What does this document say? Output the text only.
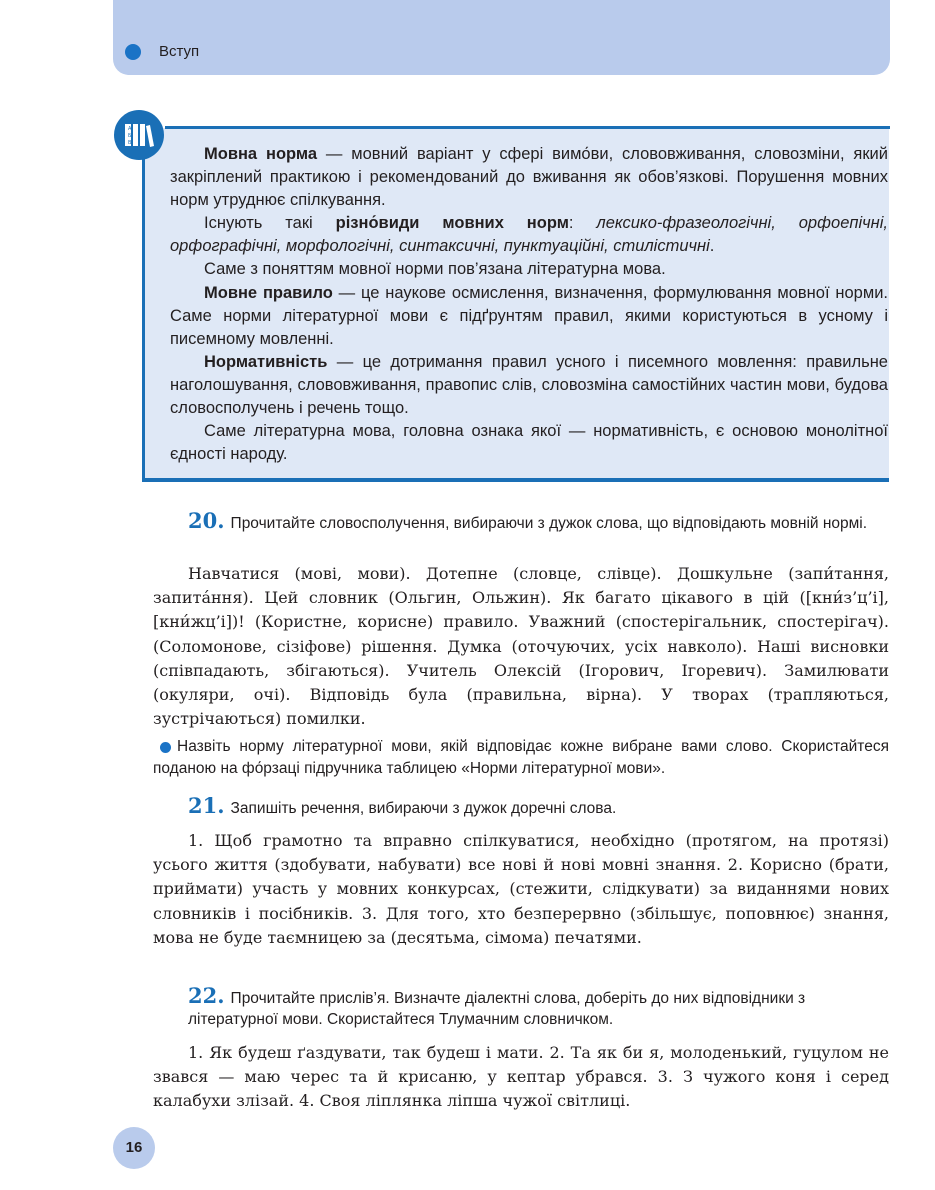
Вступ
А
Б
В

Мовна норма — мовний варіант у сфері вимо́ви, слововживання, словозміни, який закріплений практикою і рекомендований до вживання як обов’язкові. Порушення мовних норм утруднює спілкування.

Існують такі різно́види мовних норм: лексико-фразеологічні, орфоепічні, орфографічні, морфологічні, синтаксичні, пунктуаційні, стилістичні.

Саме з поняттям мовної норми пов’язана літературна мова.

Мовне правило — це наукове осмислення, визначення, формулювання мовної норми. Саме норми літературної мови є підґрунтям правил, якими користуються в усному і писемному мовленні.

Нормативність — це дотримання правил усного і писемного мовлення: правильне наголошування, слововживання, правопис слів, словозміна самостійних частин мови, будова словосполучень і речень тощо.

Саме літературна мова, головна ознака якої — нормативність, є основою монолітної єдності народу.

20. Прочитайте словосполучення, вибираючи з дужок слова, що відповідають мовній нормі.

Навчатися (мові, мови). Дотепне (словце, слівце). Дошкульне (запи́тання, запита́ння). Цей словник (Ольгин, Ольжин). Як багато цікавого в цій ([кни́з’ц’і], [кни́жц’і])! (Користне, корисне) правило. Уважний (спостерігальник, спостерігач). (Соломонове, сізіфове) рішення. Думка (оточуючих, усіх навколо). Наші висновки (співпадають, збігаються). Учитель Олексій (Ігорович, Ігоревич). Замилювати (окуляри, очі). Відповідь була (правильна, вірна). У творах (трапляються, зустрічаються) помилки.

Назвіть норму літературної мови, якій відповідає кожне вибране вами слово. Скористайтеся поданою на фо́рзаці підручника таблицею «Норми літературної мови».

21. Запишіть речення, вибираючи з дужок доречні слова.

1. Щоб грамотно та вправно спілкуватися, необхідно (протягом, на протязі) усього життя (здобувати, набувати) все нові й нові мовні знання. 2. Корисно (брати, приймати) участь у мовних конкурсах, (стежити, слідкувати) за виданнями нових словників і посібників. 3. Для того, хто безперервно (збільшує, поповнює) знання, мова не буде таємницею за (десятьма, сімома) печатями.

22. Прочитайте прислів’я. Визначте діалектні слова, доберіть до них відповідники з літературної мови. Скористайтеся Тлумачним словничком.

1. Як будеш ґаздувати, так будеш і мати. 2. Та як би я, молоденький, гуцулом не звався — маю черес та й крисаню, у кептар убрався. 3. З чужого коня і серед калабухи злізай. 4. Своя ліплянка ліпша чужої світлиці.

16
